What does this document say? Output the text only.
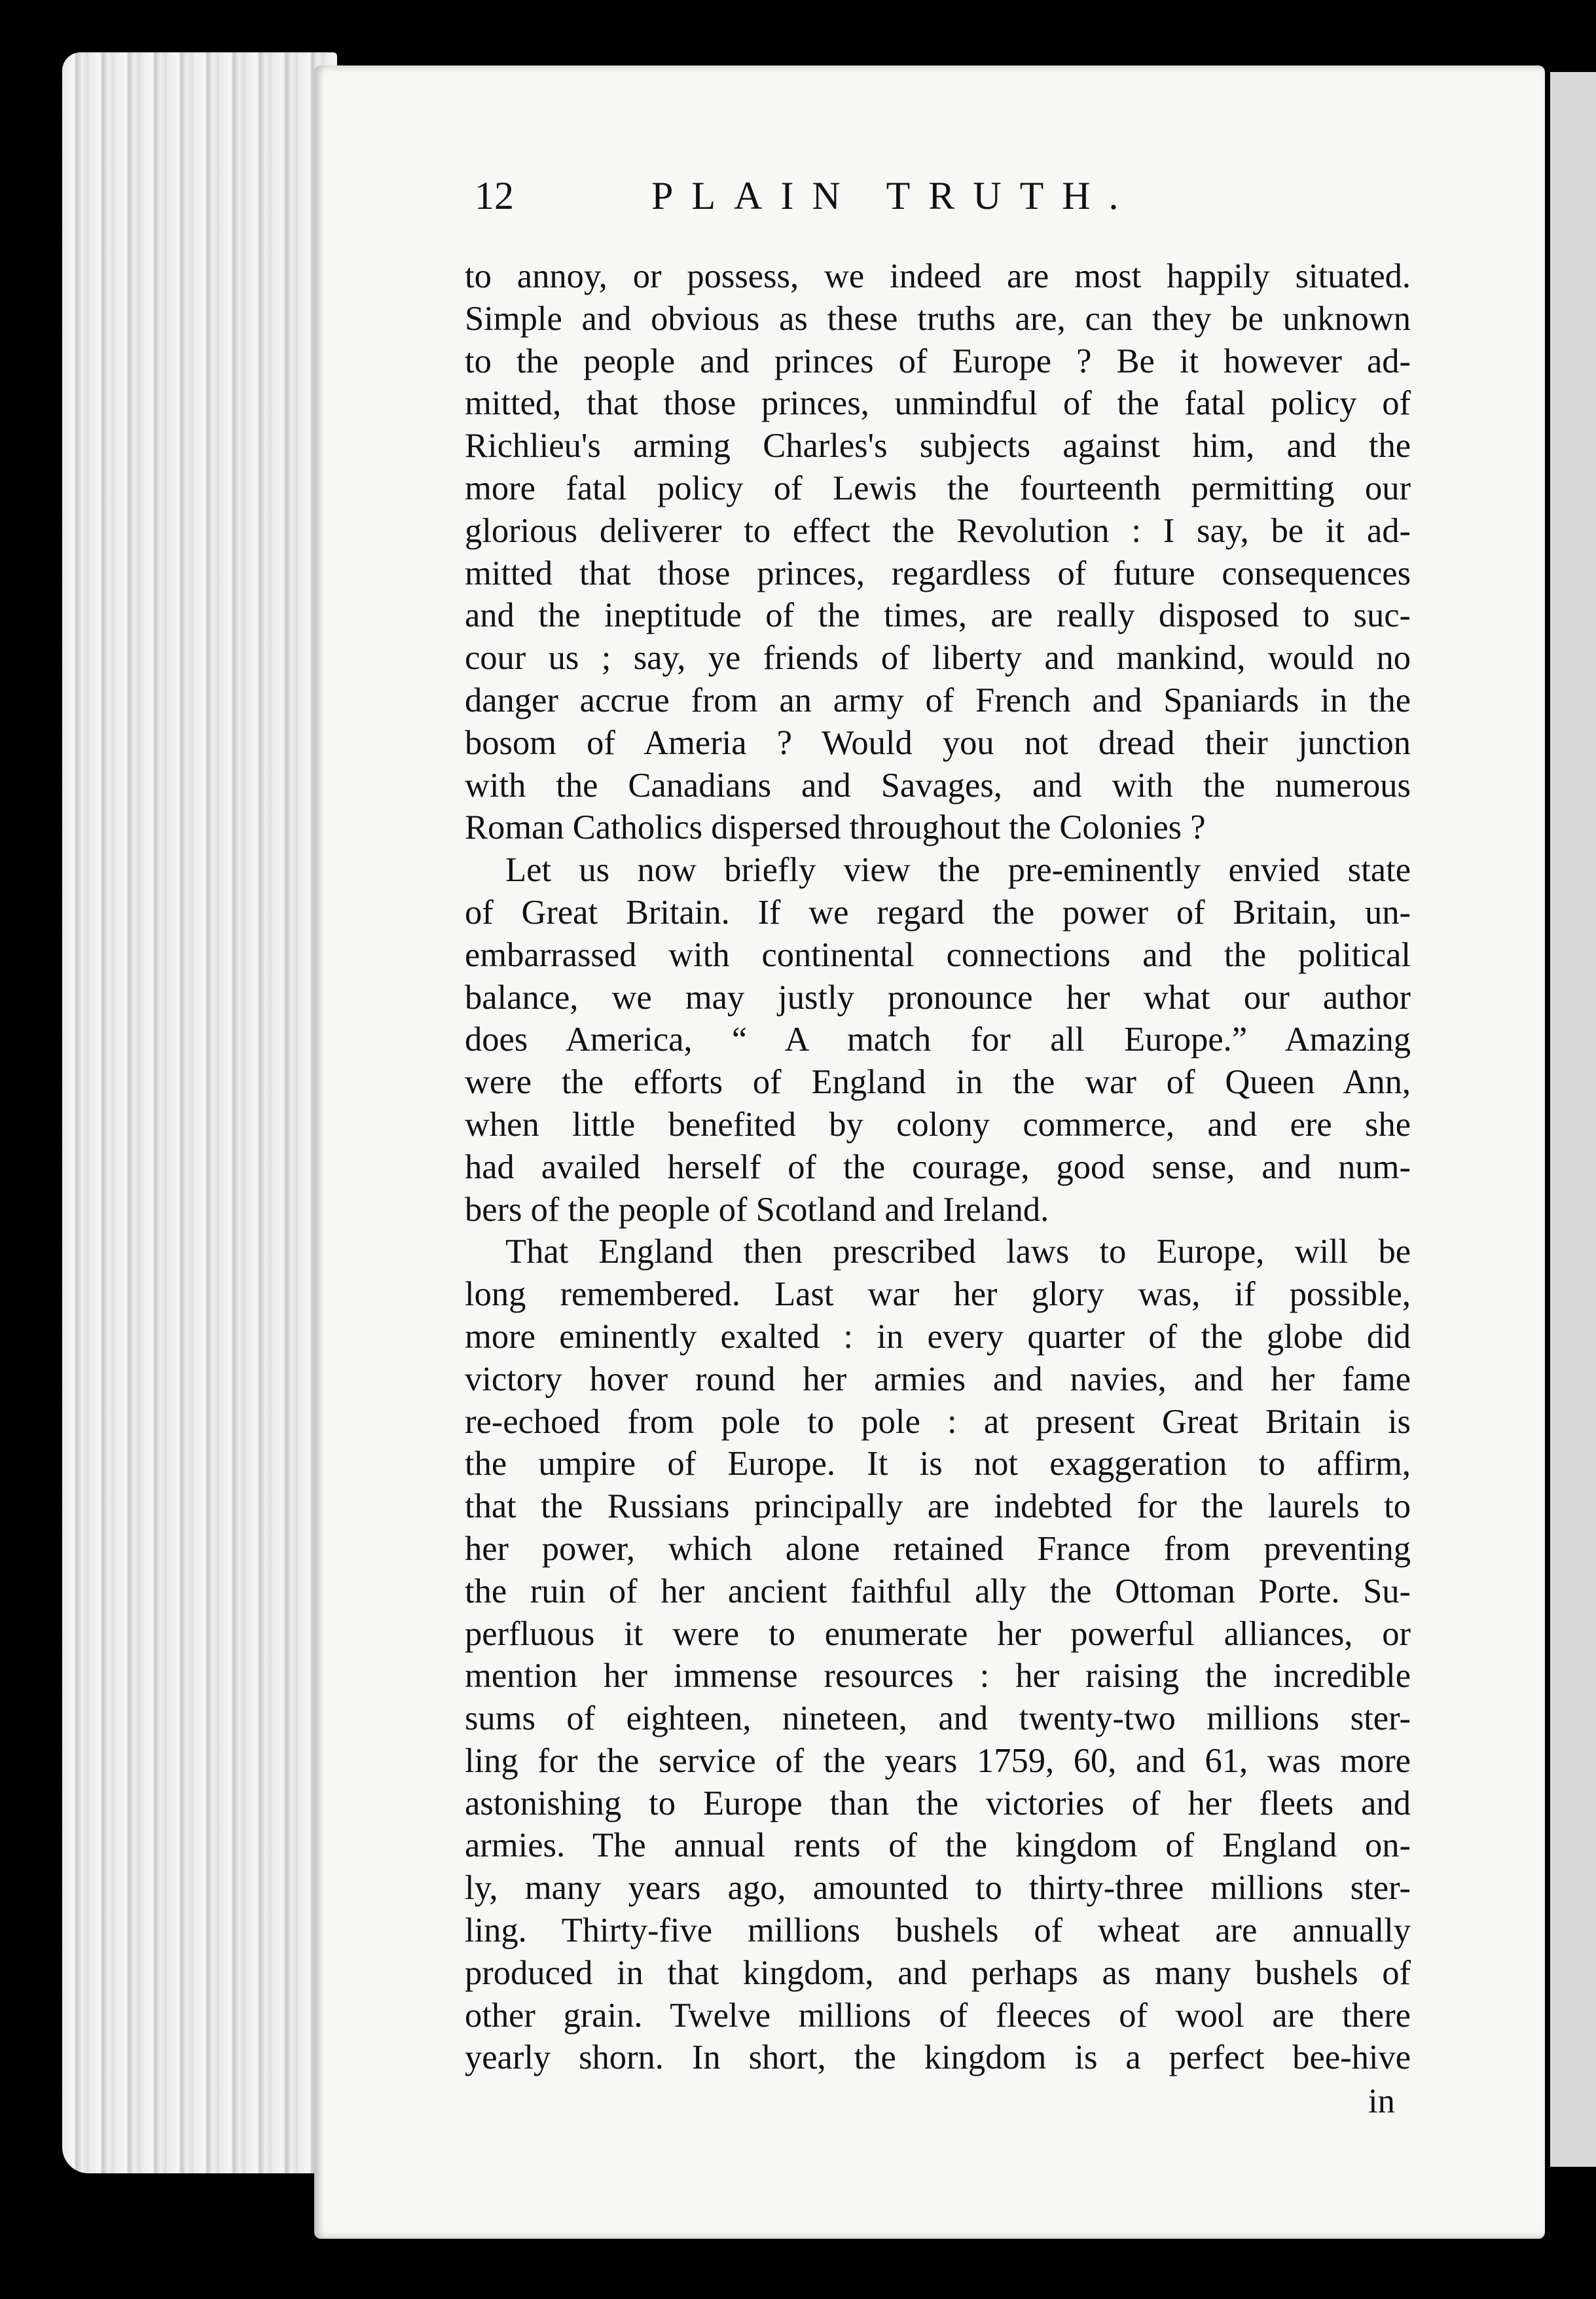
12	PLAIN TRUTH.
to annoy, or possess, we indeed are most happily situated.
Simple and obvious as these truths are, can they be unknown
to the people and princes of Europe ? Be it however ad-
mitted, that those princes, unmindful of the fatal policy of
Richlieu's arming Charles's subjects against him, and the
more fatal policy of Lewis the fourteenth permitting our
glorious deliverer to effect the Revolution : I say, be it ad-
mitted that those princes, regardless of future consequences
and the ineptitude of the times, are really disposed to suc-
cour us ; say, ye friends of liberty and mankind, would no
danger accrue from an army of French and Spaniards in the
bosom of Ameria ? Would you not dread their junction
with the Canadians and Savages, and with the numerous
Roman Catholics dispersed throughout the Colonies ?
Let us now briefly view the pre-eminently envied state
of Great Britain. If we regard the power of Britain, un-
embarrassed with continental connections and the political
balance, we may justly pronounce her what our author
does America, “ A match for all Europe.” Amazing
were the efforts of England in the war of Queen Ann,
when little benefited by colony commerce, and ere she
had availed herself of the courage, good sense, and num-
bers of the people of Scotland and Ireland.
That England then prescribed laws to Europe, will be
long remembered. Last war her glory was, if possible,
more eminently exalted : in every quarter of the globe did
victory hover round her armies and navies, and her fame
re-echoed from pole to pole : at present Great Britain is
the umpire of Europe. It is not exaggeration to affirm,
that the Russians principally are indebted for the laurels to
her power, which alone retained France from preventing
the ruin of her ancient faithful ally the Ottoman Porte. Su-
perfluous it were to enumerate her powerful alliances, or
mention her immense resources : her raising the incredible
sums of eighteen, nineteen, and twenty-two millions ster-
ling for the service of the years 1759, 60, and 61, was more
astonishing to Europe than the victories of her fleets and
armies. The annual rents of the kingdom of England on-
ly, many years ago, amounted to thirty-three millions ster-
ling. Thirty-five millions bushels of wheat are annually
produced in that kingdom, and perhaps as many bushels of
other grain. Twelve millions of fleeces of wool are there
yearly shorn. In short, the kingdom is a perfect bee-hive
in
